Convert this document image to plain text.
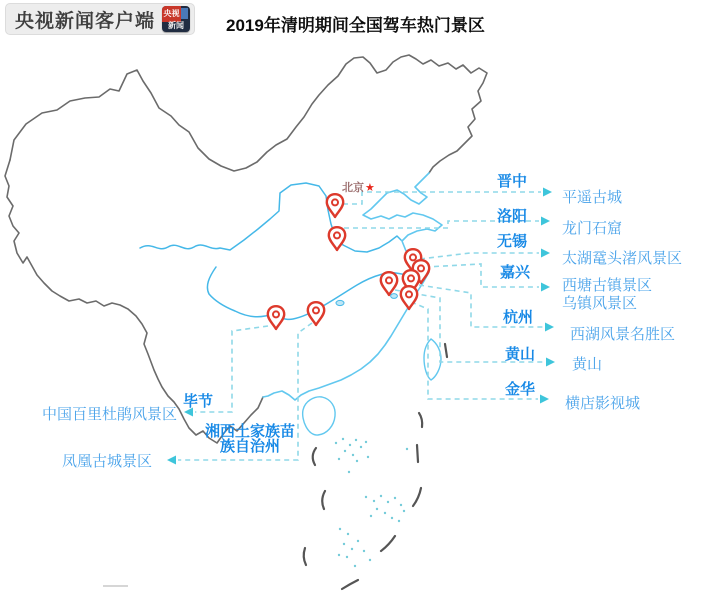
央视新闻客户端 央视
新闻	2019年清明期间全国驾车热门景区
北京★	晋中
洛阳
无锡
嘉兴
杭州
黄山
金华
平遥古城
龙门石窟
太湖鼋头渚风景区
西塘古镇景区
乌镇风景区
西湖风景名胜区
黄山
横店影视城
毕节
中国百里杜鹃风景区
湘西土家族苗
族自治州
凤凰古城景区
